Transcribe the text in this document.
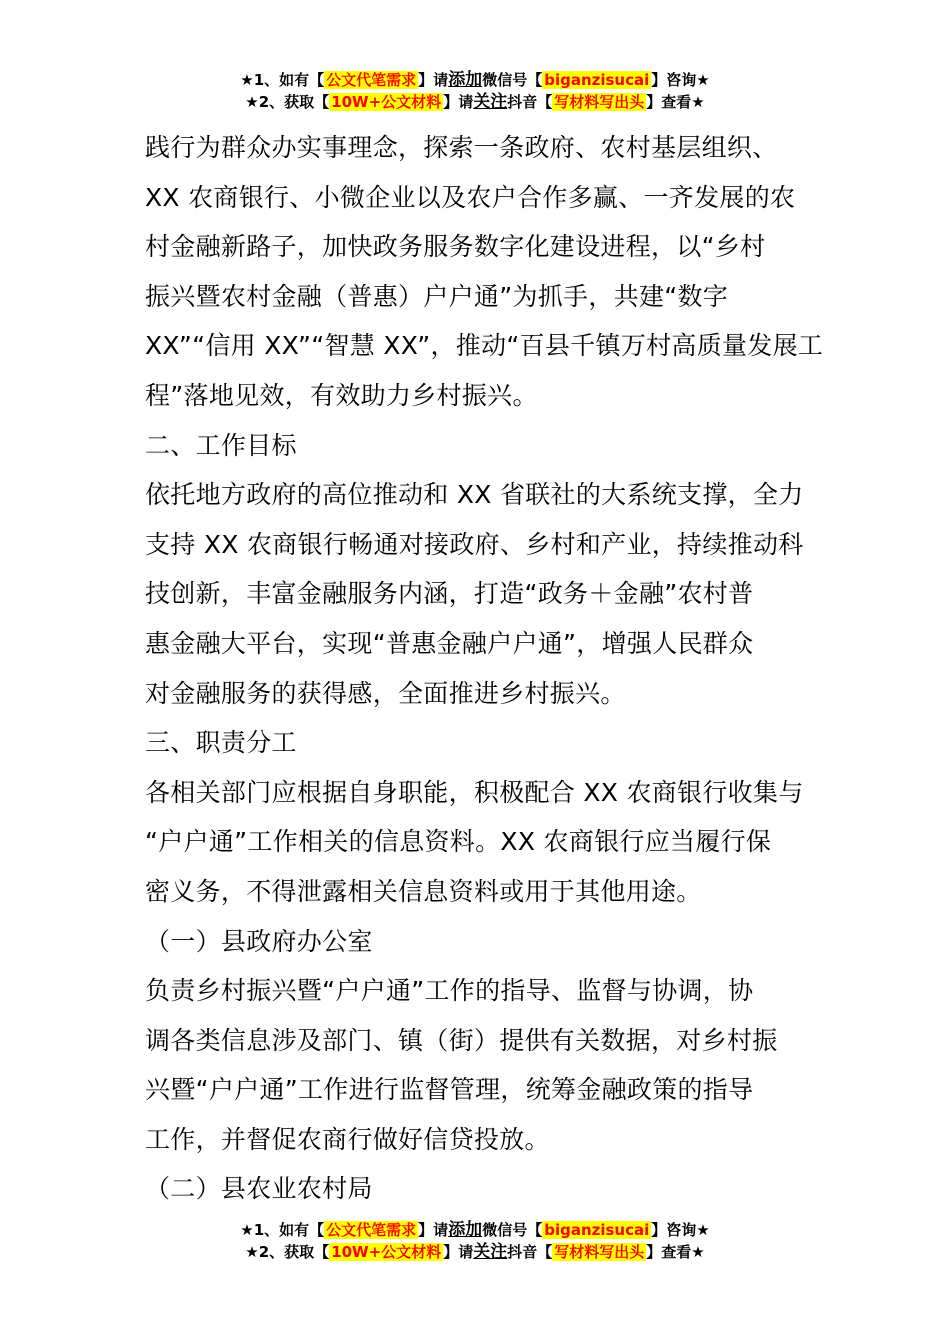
★1、如有【 公文代笔需求 】请添加微信号【 biganzisucai 】咨询★
★2、获取【 10W+公文材料 】请关注抖音【 写材料写出头 】查看★

践行为群众办实事理念，探索一条政府、农村基层组织、

XX 农商银行、小微企业以及农户合作多赢、一齐发展的农

村金融新路子，加快政务服务数字化建设进程，以“乡村

振兴暨农村金融（普惠）户户通”为抓手，共建“数字

XX”“信用 XX”“智慧 XX”，推动“百县千镇万村高质量发展工

程”落地见效，有效助力乡村振兴。

二、工作目标

依托地方政府的高位推动和 XX 省联社的大系统支撑，全力

支持 XX 农商银行畅通对接政府、乡村和产业，持续推动科

技创新，丰富金融服务内涵，打造“政务＋金融”农村普

惠金融大平台，实现“普惠金融户户通”，增强人民群众

对金融服务的获得感，全面推进乡村振兴。

三、职责分工

各相关部门应根据自身职能，积极配合 XX 农商银行收集与

“户户通”工作相关的信息资料。XX 农商银行应当履行保

密义务，不得泄露相关信息资料或用于其他用途。

（一）县政府办公室

负责乡村振兴暨“户户通”工作的指导、监督与协调，协

调各类信息涉及部门、镇（街）提供有关数据，对乡村振

兴暨“户户通”工作进行监督管理，统筹金融政策的指导

工作，并督促农商行做好信贷投放。

（二）县农业农村局

★1、如有【 公文代笔需求 】请添加微信号【 biganzisucai 】咨询★
★2、获取【 10W+公文材料 】请关注抖音【 写材料写出头 】查看★
